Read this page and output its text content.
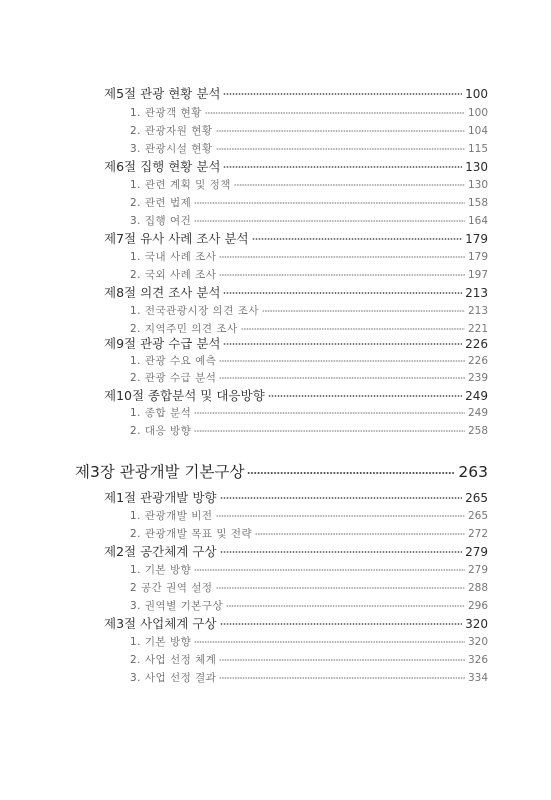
제5절 관광 현황 분석	100
1. 관광객 현황	100
2. 관광자원 현황	104
3. 관광시설 현황	115
제6절 집행 현황 분석	130
1. 관련 계획 및 정책	130
2. 관련 법제	158
3. 집행 여건	164
제7절 유사 사례 조사 분석	179
1. 국내 사례 조사	179
2. 국외 사례 조사	197
제8절 의견 조사 분석	213
1. 전국관광시장 의견 조사	213
2. 지역주민 의견 조사	221
제9절 관광 수급 분석	226
1. 관광 수요 예측	226
2. 관광 수급 분석	239
제10절 종합분석 및 대응방향	249
1. 종합 분석	249
2. 대응 방향	258
제3장 관광개발 기본구상	263
제1절 관광개발 방향	265
1. 관광개발 비전	265
2. 관광개발 목표 및 전략	272
제2절 공간체계 구상	279
1. 기본 방향	279
2 공간 권역 설정	288
3. 권역별 기본구상	296
제3절 사업체계 구상	320
1. 기본 방향	320
2. 사업 선정 체계	326
3. 사업 선정 결과	334
